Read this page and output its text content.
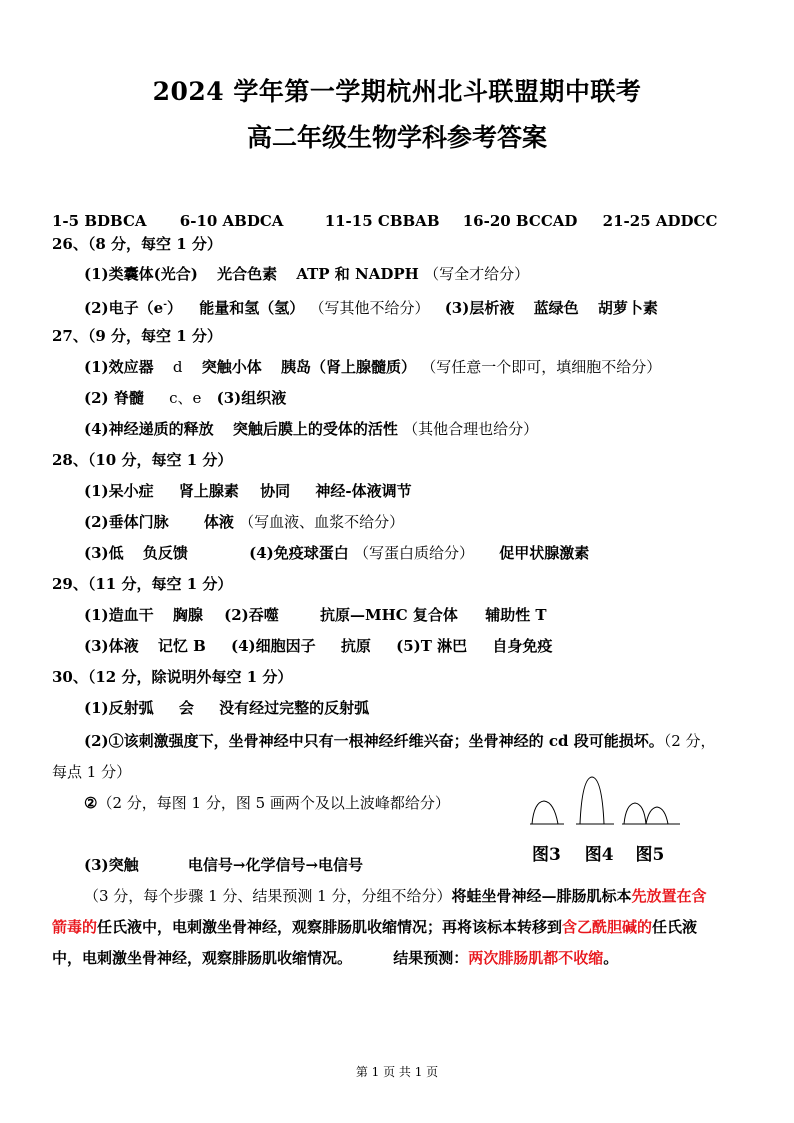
2024 学年第一学期杭州北斗联盟期中联考
高二年级生物学科参考答案
1-5 BDBCA 6-10 ABDCA	11-15 CBBAB 16-20 BCCAD 21-25 ADDCC
26、（8 分，每空 1 分）
(1)类囊体(光合) 光合色素 ATP 和 NADPH （写全才给分）
(2)电子（e-） 能量和氢（氢） （写其他不给分） (3)层析液 蓝绿色 胡萝卜素
27、（9 分，每空 1 分）
(1)效应器 d 突触小体 胰岛（肾上腺髓质） （写任意一个即可，填细胞不给分）
(2) 脊髓 c、e (3)组织液
(4)神经递质的释放 突触后膜上的受体的活性 （其他合理也给分）
28、（10 分，每空 1 分）
(1)呆小症 肾上腺素 协同 神经-体液调节
(2)垂体门脉 体液 （写血液、血浆不给分）
(3)低 负反馈	(4)免疫球蛋白 （写蛋白质给分） 促甲状腺激素
29、（11 分，每空 1 分）
(1)造血干 胸腺 (2)吞噬	抗原—MHC 复合体 辅助性 T
(3)体液 记忆 B (4)细胞因子 抗原 (5)T 淋巴 自身免疫
30、（12 分，除说明外每空 1 分）
(1)反射弧 会 没有经过完整的反射弧
(2)①该刺激强度下，坐骨神经中只有一根神经纤维兴奋；坐骨神经的 cd 段可能损坏。（2 分，
每点 1 分）
②（2 分，每图 1 分，图 5 画两个及以上波峰都给分）
图3 图4 图5
(3)突触	电信号→化学信号→电信号
（3 分，每个步骤 1 分、结果预测 1 分，分组不给分）将蛙坐骨神经—腓肠肌标本先放置在含
箭毒的任氏液中，电刺激坐骨神经，观察腓肠肌收缩情况；再将该标本转移到含乙酰胆碱的任氏液
中，电刺激坐骨神经，观察腓肠肌收缩情况。	结果预测：两次腓肠肌都不收缩。
第 1 页 共 1 页
